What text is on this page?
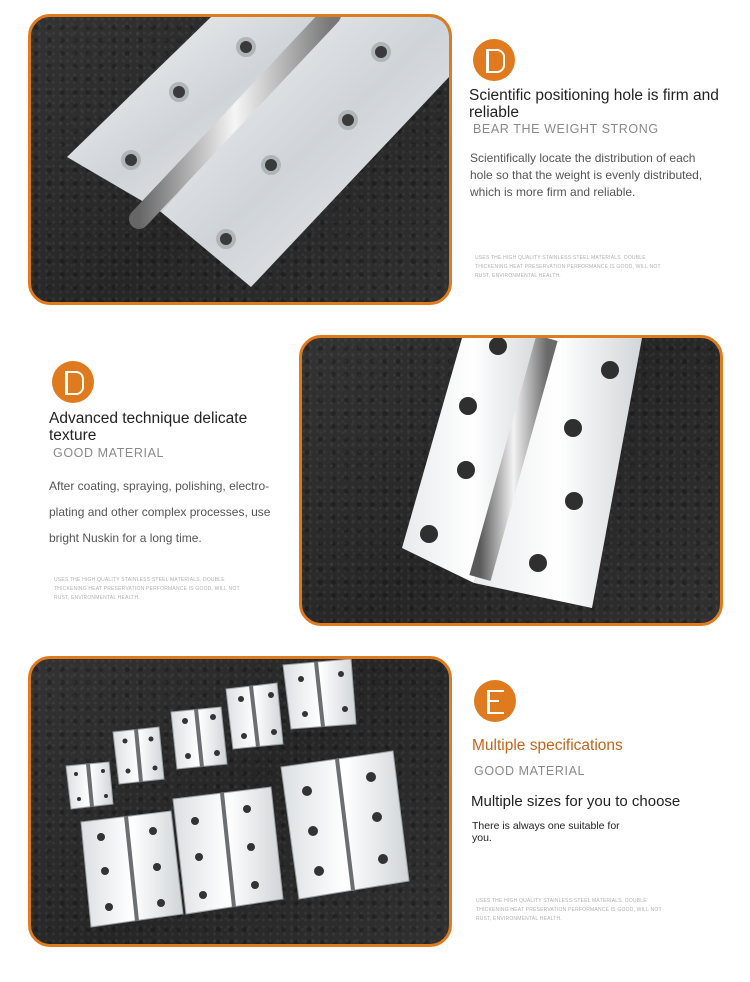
Scientific positioning hole is firm and reliable
BEAR THE WEIGHT STRONG
Scientifically locate the distribution of each hole so that the weight is evenly distributed, which is more firm and reliable.
USES THE HIGH QUALITY STAINLESS STEEL MATERIALS. DOUBLE THICKENING HEAT PRESERVATION PERFORMANCE IS GOOD, WILL NOT RUST, ENVIRONMENTAL HEALTH.
Advanced technique delicate texture
GOOD MATERIAL
After coating, spraying, polishing, electro-plating and other complex processes, use bright Nuskin for a long time.
USES THE HIGH QUALITY STAINLESS STEEL MATERIALS. DOUBLE THICKENING HEAT PRESERVATION PERFORMANCE IS GOOD, WILL NOT RUST, ENVIRONMENTAL HEALTH.
Multiple specifications
GOOD MATERIAL
Multiple sizes for you to choose
There is always one suitable for you.
USES THE HIGH QUALITY STAINLESS STEEL MATERIALS. DOUBLE THICKENING HEAT PRESERVATION PERFORMANCE IS GOOD, WILL NOT RUST, ENVIRONMENTAL HEALTH.
